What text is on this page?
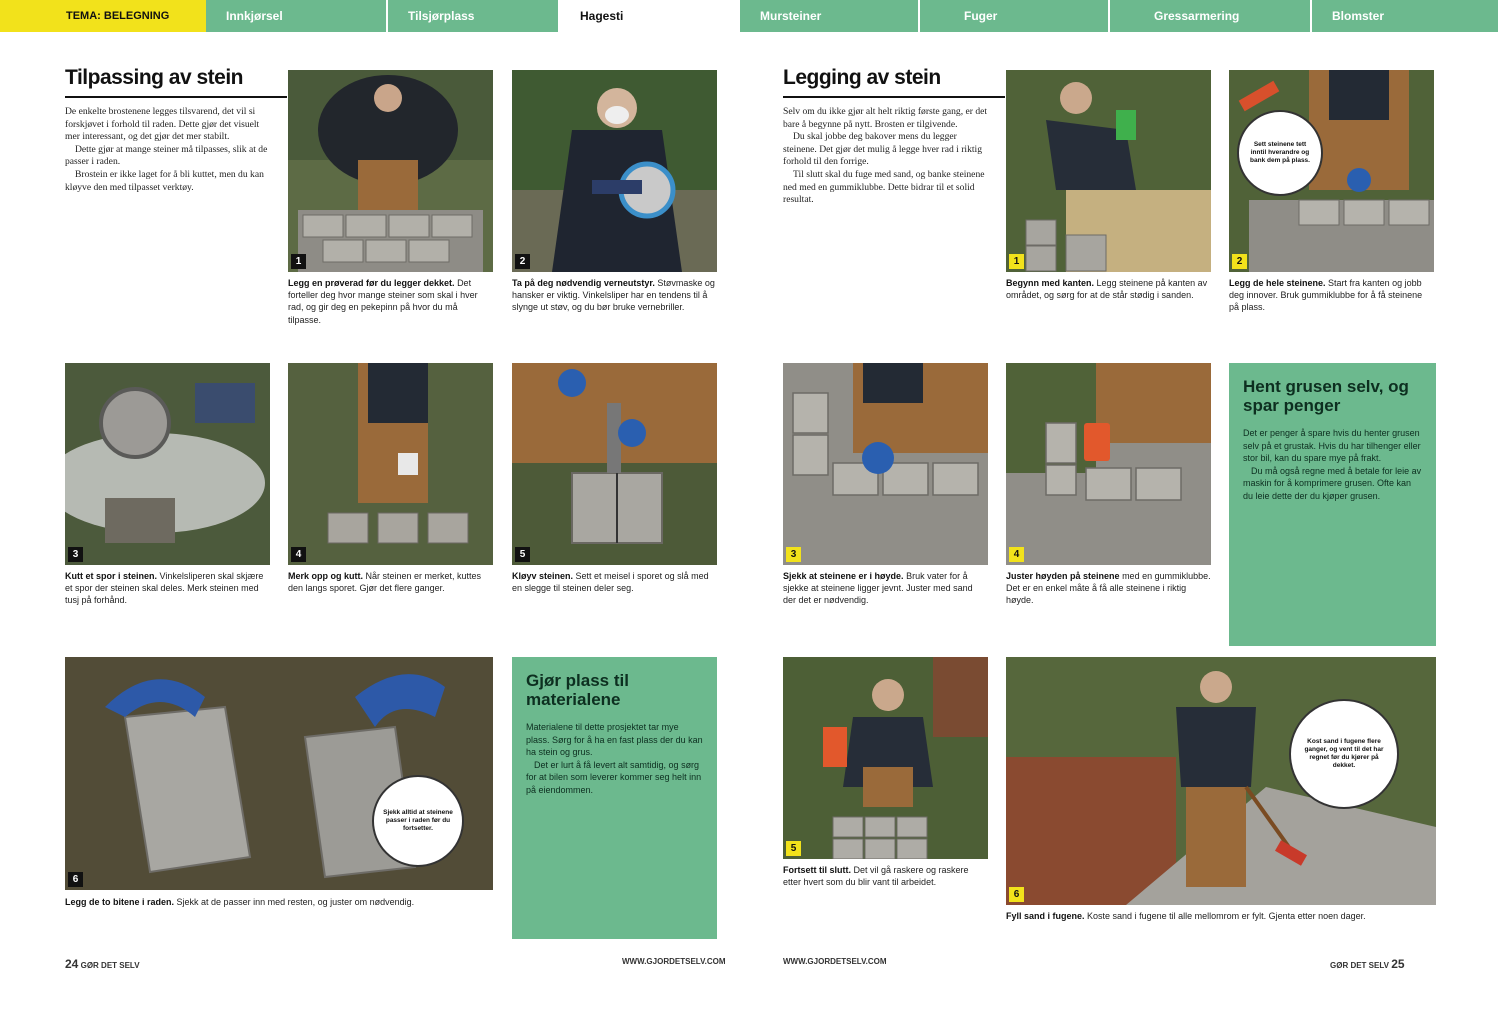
TEMA: BELEGNING	Innkjørsel	Tilsjørplass	Hagesti	Mursteiner	Fuger	Gressarmering	Blomster
Tilpassing av stein

De enkelte brostenene legges tilsvarend, det vil si forskjøvet i forhold til raden. Dette gjør det visuelt mer interessant, og det gjør det mer stabilt.

Dette gjør at mange steiner må tilpasses, slik at de passer i raden.

Brostein er ikke laget for å bli kuttet, men du kan kløyve den med tilpasset verktøy.

1
Legg en prøverad før du legger dekket. Det forteller deg hvor mange steiner som skal i hver rad, og gir deg en pekepinn på hvor du må tilpasse.
2
Ta på deg nødvendig verneutstyr. Støvmaske og hansker er viktig. Vinkelsliper har en tendens til å slynge ut støv, og du bør bruke vernebriller.
3
Kutt et spor i steinen. Vinkelsliperen skal skjære et spor der steinen skal deles. Merk steinen med tusj på forhånd.
4
Merk opp og kutt. Når steinen er merket, kuttes den langs sporet. Gjør det flere ganger.
5
Kløyv steinen. Sett et meisel i sporet og slå med en slegge til steinen deler seg.
Sjekk alltid at steinene passer i raden før du fortsetter.
6
Legg de to bitene i raden. Sjekk at de passer inn med resten, og juster om nødvendig.
Gjør plass til materialene

Materialene til dette prosjektet tar mye plass. Sørg for å ha en fast plass der du kan ha stein og grus.

Det er lurt å få levert alt samtidig, og sørg for at bilen som leverer kommer seg helt inn på eiendommen.

24 GØR DET SELV	WWW.GJORDETSELV.COM
Legging av stein

Selv om du ikke gjør alt helt riktig første gang, er det bare å begynne på nytt. Brosten er tilgivende.

Du skal jobbe deg bakover mens du legger steinene. Det gjør det mulig å legge hver rad i riktig forhold til den forrige.

Til slutt skal du fuge med sand, og banke steinene ned med en gummiklubbe. Dette bidrar til et solid resultat.

1
Begynn med kanten. Legg steinene på kanten av området, og sørg for at de står stødig i sanden.
Sett steinene tett inntil hverandre og bank dem på plass.
2
Legg de hele steinene. Start fra kanten og jobb deg innover. Bruk gummiklubbe for å få steinene på plass.
3
Sjekk at steinene er i høyde. Bruk vater for å sjekke at steinene ligger jevnt. Juster med sand der det er nødvendig.
4
Juster høyden på steinene med en gummiklubbe. Det er en enkel måte å få alle steinene i riktig høyde.
Hent grusen selv, og spar penger

Det er penger å spare hvis du henter grusen selv på et grustak. Hvis du har tilhenger eller stor bil, kan du spare mye på frakt.

Du må også regne med å betale for leie av maskin for å komprimere grusen. Ofte kan du leie dette der du kjøper grusen.

5
Fortsett til slutt. Det vil gå raskere og raskere etter hvert som du blir vant til arbeidet.
Kost sand i fugene flere ganger, og vent til det har regnet før du kjører på dekket.
6
Fyll sand i fugene. Koste sand i fugene til alle mellomrom er fylt. Gjenta etter noen dager.
WWW.GJORDETSELV.COM	GØR DET SELV 25
